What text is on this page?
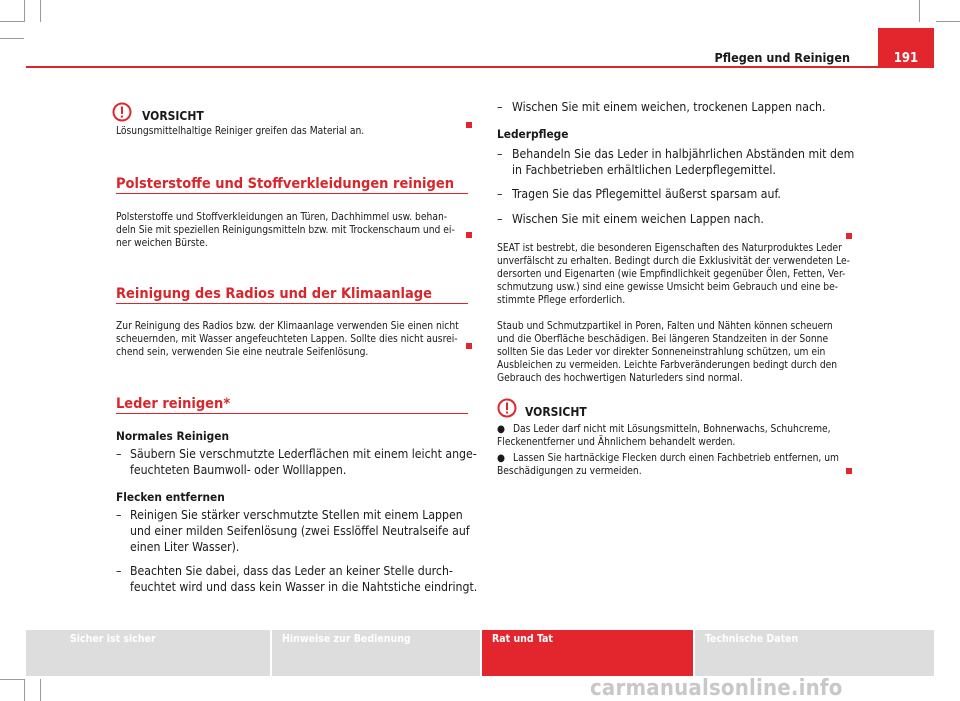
Pflegen und Reinigen	191
VORSICHT
Lösungsmittelhaltige Reiniger greifen das Material an.
Polsterstoffe und Stoffverkleidungen reinigen
Polsterstoffe und Stoffverkleidungen an Türen, Dachhimmel usw. behan-
deln Sie mit speziellen Reinigungsmitteln bzw. mit Trockenschaum und ei-
ner weichen Bürste.
Reinigung des Radios und der Klimaanlage
Zur Reinigung des Radios bzw. der Klimaanlage verwenden Sie einen nicht
scheuernden, mit Wasser angefeuchteten Lappen. Sollte dies nicht ausrei-
chend sein, verwenden Sie eine neutrale Seifenlösung.
Leder reinigen*
Normales Reinigen
– Säubern Sie verschmutzte Lederflächen mit einem leicht ange-
feuchteten Baumwoll- oder Wolllappen.
Flecken entfernen
– Reinigen Sie stärker verschmutzte Stellen mit einem Lappen
und einer milden Seifenlösung (zwei Esslöffel Neutralseife auf
einen Liter Wasser).
– Beachten Sie dabei, dass das Leder an keiner Stelle durch-
feuchtet wird und dass kein Wasser in die Nahtstiche eindringt.
– Wischen Sie mit einem weichen, trockenen Lappen nach.
Lederpflege
– Behandeln Sie das Leder in halbjährlichen Abständen mit dem
in Fachbetrieben erhältlichen Lederpflegemittel.
– Tragen Sie das Pflegemittel äußerst sparsam auf.
– Wischen Sie mit einem weichen Lappen nach.
SEAT ist bestrebt, die besonderen Eigenschaften des Naturproduktes Leder
unverfälscht zu erhalten. Bedingt durch die Exklusivität der verwendeten Le-
dersorten und Eigenarten (wie Empfindlichkeit gegenüber Ölen, Fetten, Ver-
schmutzung usw.) sind eine gewisse Umsicht beim Gebrauch und eine be-
stimmte Pflege erforderlich.
Staub und Schmutzpartikel in Poren, Falten und Nähten können scheuern
und die Oberfläche beschädigen. Bei längeren Standzeiten in der Sonne
sollten Sie das Leder vor direkter Sonneneinstrahlung schützen, um ein
Ausbleichen zu vermeiden. Leichte Farbveränderungen bedingt durch den
Gebrauch des hochwertigen Naturleders sind normal.
VORSICHT
● Das Leder darf nicht mit Lösungsmitteln, Bohnerwachs, Schuhcreme,
Fleckenentferner und Ähnlichem behandelt werden.
● Lassen Sie hartnäckige Flecken durch einen Fachbetrieb entfernen, um
Beschädigungen zu vermeiden.
Sicher ist sicher	Hinweise zur Bedienung	Rat und Tat	Technische Daten
carmanualsonline.info
